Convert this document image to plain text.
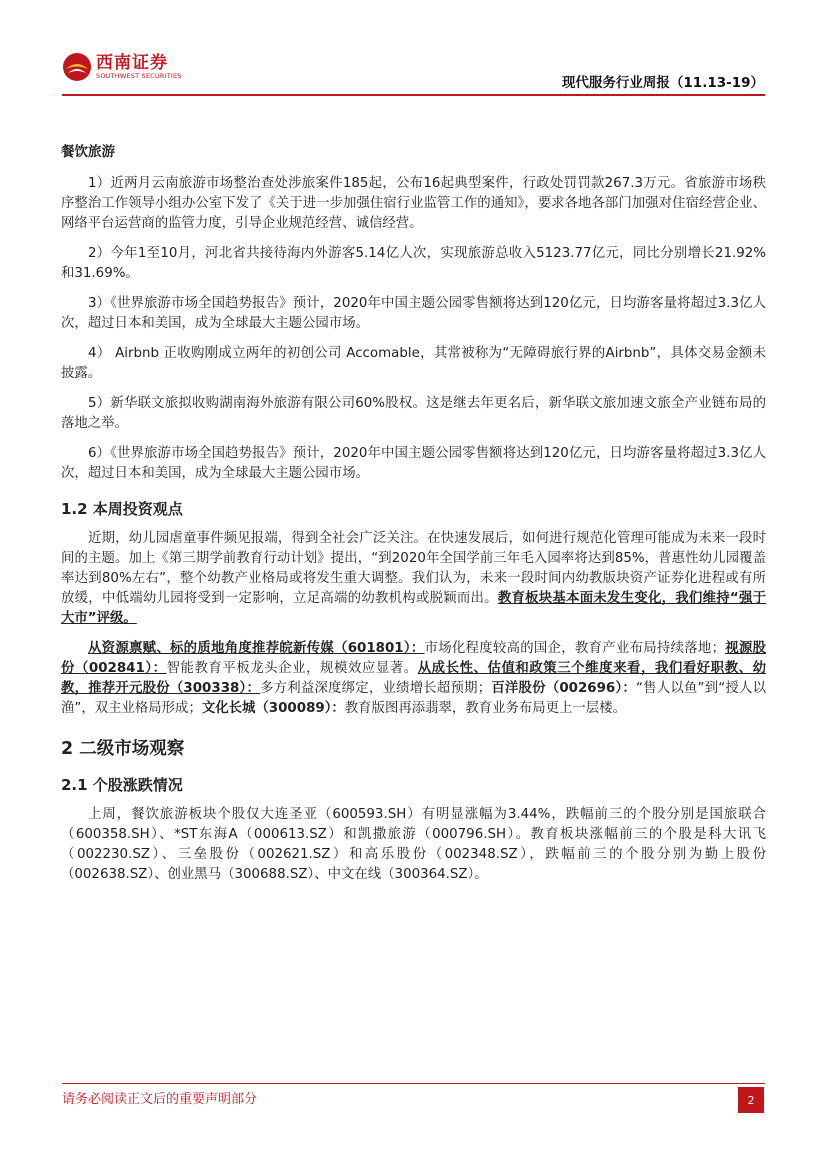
西南证券
SOUTHWEST SECURITIES	现代服务行业周报（11.13-19）
餐饮旅游

1）近两月云南旅游市场整治查处涉旅案件185起，公布16起典型案件，行政处罚罚款267.3万元。省旅游市场秩序整治工作领导小组办公室下发了《关于进一步加强住宿行业监管工作的通知》，要求各地各部门加强对住宿经营企业、网络平台运营商的监管力度，引导企业规范经营、诚信经营。

2）今年1至10月，河北省共接待海内外游客5.14亿人次，实现旅游总收入5123.77亿元，同比分别增长21.92%和31.69%。

3）《世界旅游市场全国趋势报告》预计，2020年中国主题公园零售额将达到120亿元，日均游客量将超过3.3亿人次，超过日本和美国，成为全球最大主题公园市场。

4） Airbnb 正收购刚成立两年的初创公司 Accomable，其常被称为“无障碍旅行界的Airbnb”，具体交易金额未披露。

5）新华联文旅拟收购湖南海外旅游有限公司60%股权。这是继去年更名后，新华联文旅加速文旅全产业链布局的落地之举。

6）《世界旅游市场全国趋势报告》预计，2020年中国主题公园零售额将达到120亿元，日均游客量将超过3.3亿人次，超过日本和美国，成为全球最大主题公园市场。

1.2 本周投资观点

近期，幼儿园虐童事件频见报端，得到全社会广泛关注。在快速发展后，如何进行规范化管理可能成为未来一段时间的主题。加上《第三期学前教育行动计划》提出，“到2020年全国学前三年毛入园率将达到85%，普惠性幼儿园覆盖率达到80%左右”，整个幼教产业格局或将发生重大调整。我们认为，未来一段时间内幼教版块资产证券化进程或有所放缓，中低端幼儿园将受到一定影响，立足高端的幼教机构或脱颖而出。教育板块基本面未发生变化，我们维持“强于大市”评级。

从资源禀赋、标的质地角度推荐皖新传媒（601801）：市场化程度较高的国企，教育产业布局持续落地；视源股份（002841）：智能教育平板龙头企业，规模效应显著。从成长性、估值和政策三个维度来看，我们看好职教、幼教，推荐开元股份（300338）：多方利益深度绑定，业绩增长超预期；百洋股份（002696）：“售人以鱼”到“授人以渔”，双主业格局形成；文化长城（300089）：教育版图再添翡翠，教育业务布局更上一层楼。

2 二级市场观察
2.1 个股涨跌情况

上周，餐饮旅游板块个股仅大连圣亚（600593.SH）有明显涨幅为3.44%，跌幅前三的个股分别是国旅联合（600358.SH）、*ST东海A（000613.SZ）和凯撒旅游（000796.SH）。教育板块涨幅前三的个股是科大讯飞（002230.SZ）、三垒股份（002621.SZ）和高乐股份（002348.SZ），跌幅前三的个股分别为勤上股份（002638.SZ）、创业黑马（300688.SZ）、中文在线（300364.SZ）。

请务必阅读正文后的重要声明部分	2
